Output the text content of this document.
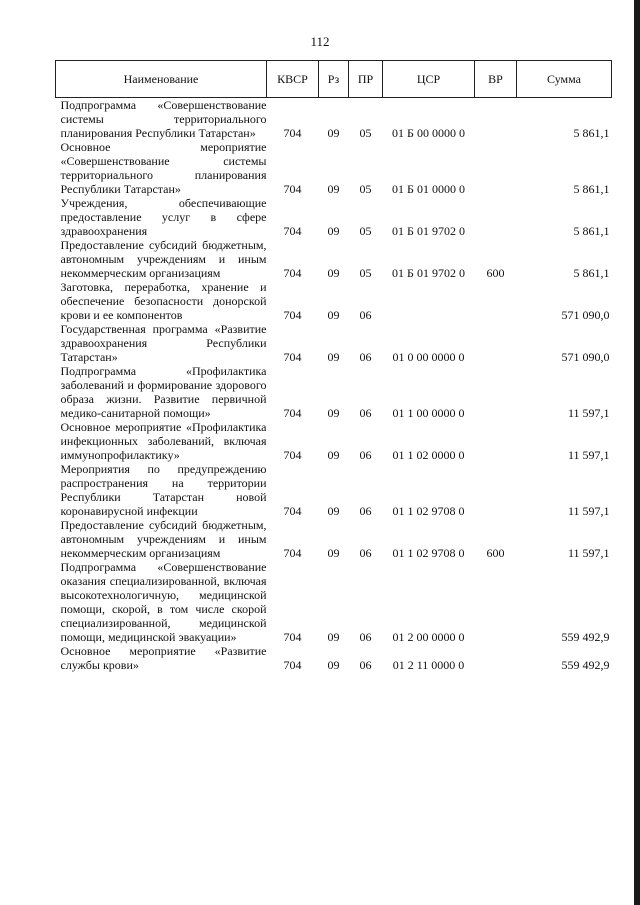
112
Наименование	КВСР	Рз	ПР	ЦСР	ВР	Сумма
Подпрограмма «Совершенствование системы территориального планирования Республики Татарстан»	704	09	05	01 Б 00 0000 0		5 861,1
Основное мероприятие «Совершенствование системы территориального планирования Республики Татарстан»	704	09	05	01 Б 01 0000 0		5 861,1
Учреждения, обеспечивающие предоставление услуг в сфере здравоохранения	704	09	05	01 Б 01 9702 0		5 861,1
Предоставление субсидий бюджетным, автономным учреждениям и иным некоммерческим организациям	704	09	05	01 Б 01 9702 0	600	5 861,1
Заготовка, переработка, хранение и обеспечение безопасности донорской крови и ее компонентов	704	09	06			571 090,0
Государственная программа «Развитие здравоохранения Республики Татарстан»	704	09	06	01 0 00 0000 0		571 090,0
Подпрограмма «Профилактика заболеваний и формирование здорового образа жизни. Развитие первичной медико-санитарной помощи»	704	09	06	01 1 00 0000 0		11 597,1
Основное мероприятие «Профилактика инфекционных заболеваний, включая иммунопрофилактику»	704	09	06	01 1 02 0000 0		11 597,1
Мероприятия по предупреждению распространения на территории Республики Татарстан новой коронавирусной инфекции	704	09	06	01 1 02 9708 0		11 597,1
Предоставление субсидий бюджетным, автономным учреждениям и иным некоммерческим организациям	704	09	06	01 1 02 9708 0	600	11 597,1
Подпрограмма «Совершенствование оказания специализированной, включая высокотехнологичную, медицинской помощи, скорой, в том числе скорой специализированной, медицинской помощи, медицинской эвакуации»	704	09	06	01 2 00 0000 0		559 492,9
Основное мероприятие «Развитие службы крови»	704	09	06	01 2 11 0000 0		559 492,9
